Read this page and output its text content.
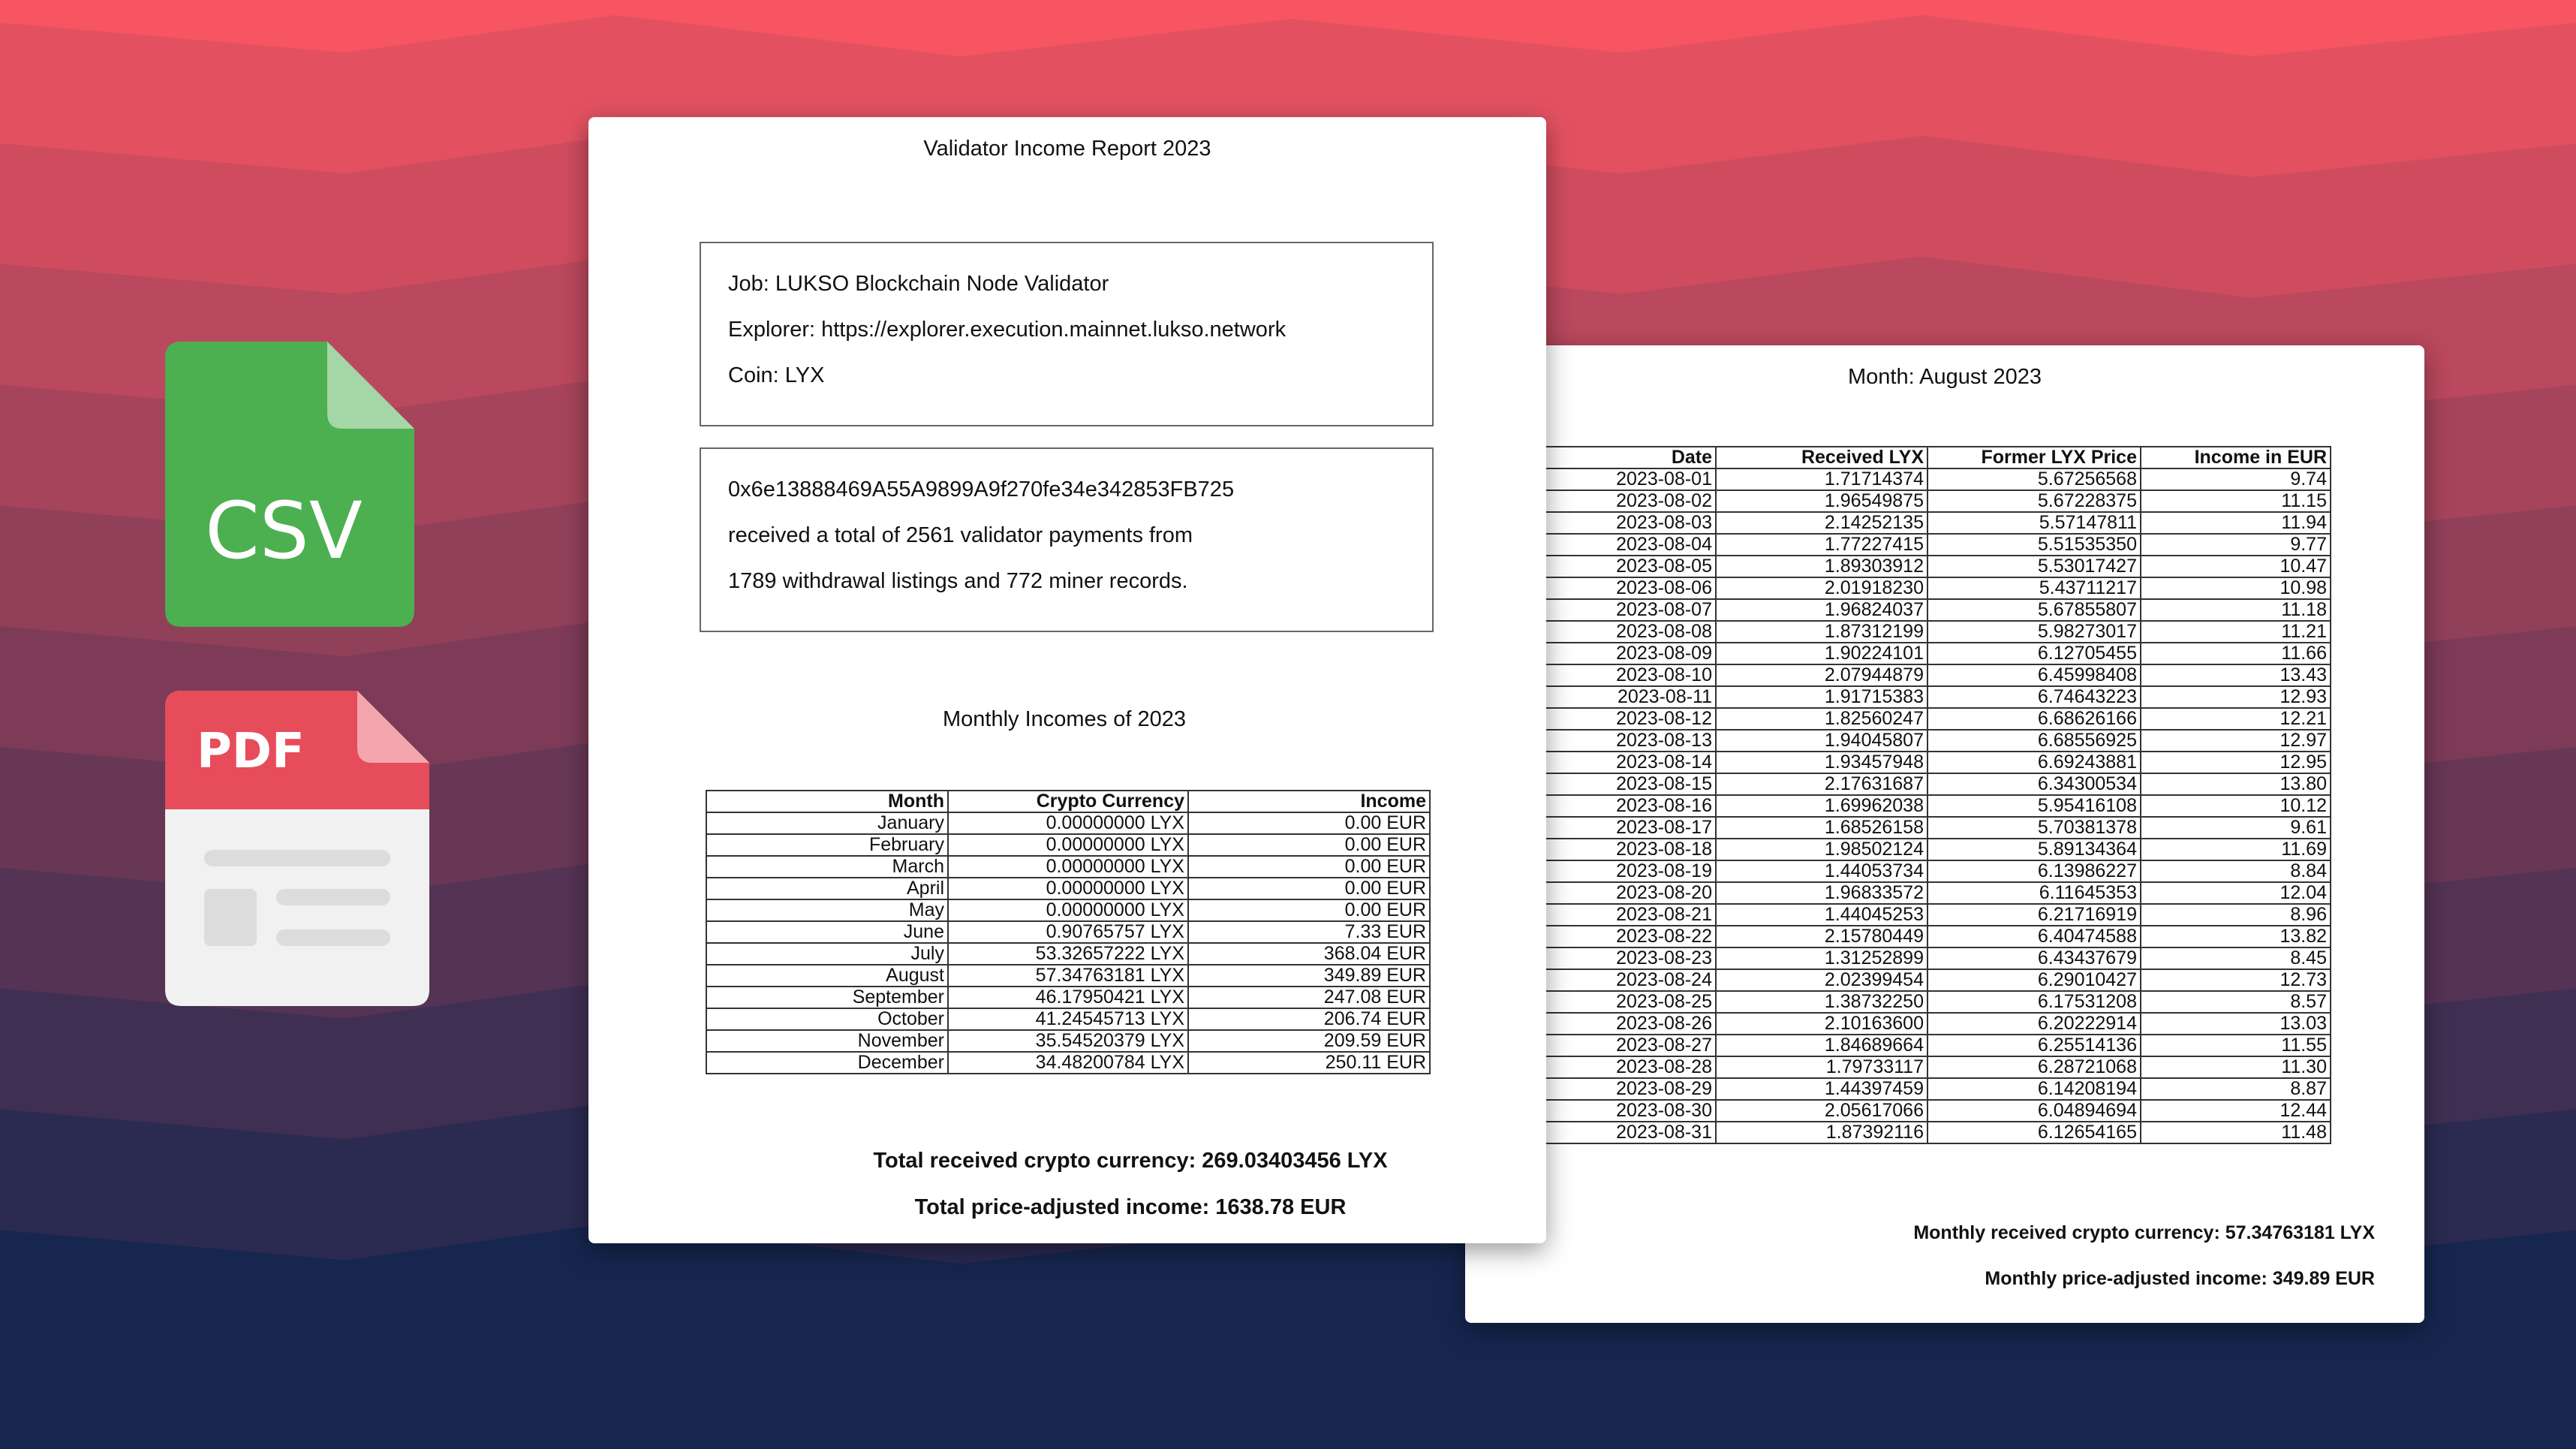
CSV
PDF
Month: August 2023
Date	Received LYX	Former LYX Price	Income in EUR
2023-08-01	1.71714374	5.67256568	9.74
2023-08-02	1.96549875	5.67228375	11.15
2023-08-03	2.14252135	5.57147811	11.94
2023-08-04	1.77227415	5.51535350	9.77
2023-08-05	1.89303912	5.53017427	10.47
2023-08-06	2.01918230	5.43711217	10.98
2023-08-07	1.96824037	5.67855807	11.18
2023-08-08	1.87312199	5.98273017	11.21
2023-08-09	1.90224101	6.12705455	11.66
2023-08-10	2.07944879	6.45998408	13.43
2023-08-11	1.91715383	6.74643223	12.93
2023-08-12	1.82560247	6.68626166	12.21
2023-08-13	1.94045807	6.68556925	12.97
2023-08-14	1.93457948	6.69243881	12.95
2023-08-15	2.17631687	6.34300534	13.80
2023-08-16	1.69962038	5.95416108	10.12
2023-08-17	1.68526158	5.70381378	9.61
2023-08-18	1.98502124	5.89134364	11.69
2023-08-19	1.44053734	6.13986227	8.84
2023-08-20	1.96833572	6.11645353	12.04
2023-08-21	1.44045253	6.21716919	8.96
2023-08-22	2.15780449	6.40474588	13.82
2023-08-23	1.31252899	6.43437679	8.45
2023-08-24	2.02399454	6.29010427	12.73
2023-08-25	1.38732250	6.17531208	8.57
2023-08-26	2.10163600	6.20222914	13.03
2023-08-27	1.84689664	6.25514136	11.55
2023-08-28	1.79733117	6.28721068	11.30
2023-08-29	1.44397459	6.14208194	8.87
2023-08-30	2.05617066	6.04894694	12.44
2023-08-31	1.87392116	6.12654165	11.48
Monthly received crypto currency: 57.34763181 LYX
Monthly price-adjusted income: 349.89 EUR
Validator Income Report 2023
Job: LUKSO Blockchain Node Validator
Explorer: https://explorer.execution.mainnet.lukso.network
Coin: LYX
0x6e13888469A55A9899A9f270fe34e342853FB725
received a total of 2561 validator payments from
1789 withdrawal listings and 772 miner records.
Monthly Incomes of 2023
Month	Crypto Currency	Income
January	0.00000000 LYX	0.00 EUR
February	0.00000000 LYX	0.00 EUR
March	0.00000000 LYX	0.00 EUR
April	0.00000000 LYX	0.00 EUR
May	0.00000000 LYX	0.00 EUR
June	0.90765757 LYX	7.33 EUR
July	53.32657222 LYX	368.04 EUR
August	57.34763181 LYX	349.89 EUR
September	46.17950421 LYX	247.08 EUR
October	41.24545713 LYX	206.74 EUR
November	35.54520379 LYX	209.59 EUR
December	34.48200784 LYX	250.11 EUR
Total received crypto currency: 269.03403456 LYX
Total price-adjusted income: 1638.78 EUR
